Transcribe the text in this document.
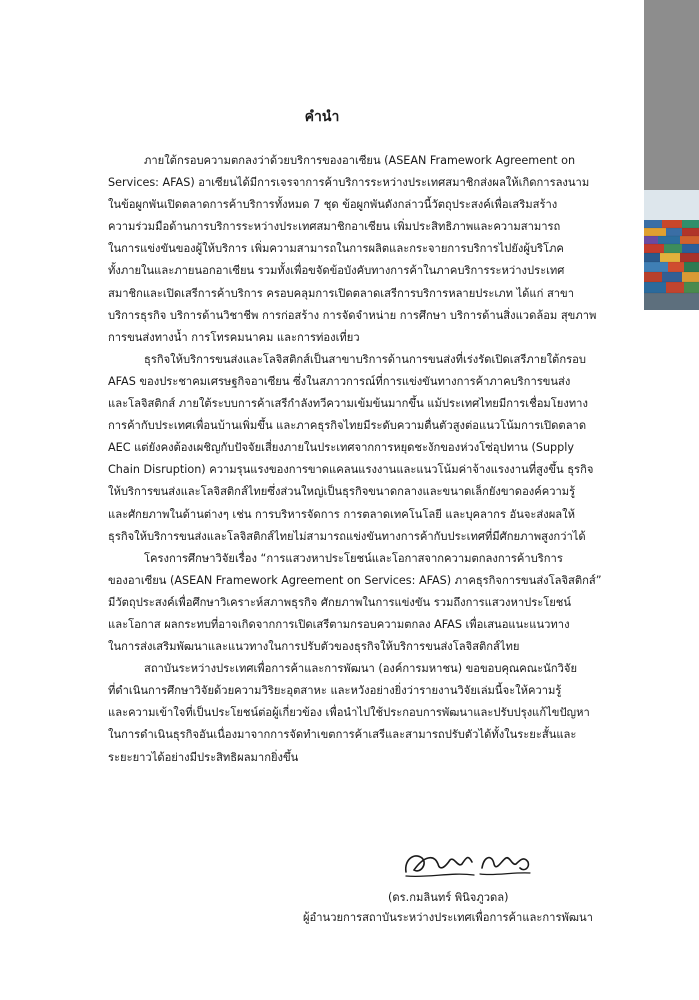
คำนำ
ภายใต้กรอบความตกลงว่าด้วยบริการของอาเซียน (ASEAN Framework Agreement on
Services: AFAS) อาเซียนได้มีการเจรจาการค้าบริการระหว่างประเทศสมาชิกส่งผลให้เกิดการลงนาม
ในข้อผูกพันเปิดตลาดการค้าบริการทั้งหมด 7 ชุด ข้อผูกพันดังกล่าวนี้วัตถุประสงค์เพื่อเสริมสร้าง
ความร่วมมือด้านการบริการระหว่างประเทศสมาชิกอาเซียน เพิ่มประสิทธิภาพและความสามารถ
ในการแข่งขันของผู้ให้บริการ เพิ่มความสามารถในการผลิตและกระจายการบริการไปยังผู้บริโภค
ทั้งภายในและภายนอกอาเซียน รวมทั้งเพื่อขจัดข้อบังคับทางการค้าในภาคบริการระหว่างประเทศ
สมาชิกและเปิดเสรีการค้าบริการ ครอบคลุมการเปิดตลาดเสรีการบริการหลายประเภท ได้แก่ สาขา
บริการธุรกิจ บริการด้านวิชาชีพ การก่อสร้าง การจัดจำหน่าย การศึกษา บริการด้านสิ่งแวดล้อม สุขภาพ
การขนส่งทางน้ำ การโทรคมนาคม และการท่องเที่ยว
ธุรกิจให้บริการขนส่งและโลจิสติกส์เป็นสาขาบริการด้านการขนส่งที่เร่งรัดเปิดเสรีภายใต้กรอบ
AFAS ของประชาคมเศรษฐกิจอาเซียน ซึ่งในสภาวการณ์ที่การแข่งขันทางการค้าภาคบริการขนส่ง
และโลจิสติกส์ ภายใต้ระบบการค้าเสรีกำลังทวีความเข้มข้นมากขึ้น แม้ประเทศไทยมีการเชื่อมโยงทาง
การค้ากับประเทศเพื่อนบ้านเพิ่มขึ้น และภาคธุรกิจไทยมีระดับความตื่นตัวสูงต่อแนวโน้มการเปิดตลาด
AEC แต่ยังคงต้องเผชิญกับปัจจัยเสี่ยงภายในประเทศจากการหยุดชะงักของห่วงโซ่อุปทาน (Supply
Chain Disruption) ความรุนแรงของการขาดแคลนแรงงานและแนวโน้มค่าจ้างแรงงานที่สูงขึ้น ธุรกิจ
ให้บริการขนส่งและโลจิสติกส์ไทยซึ่งส่วนใหญ่เป็นธุรกิจขนาดกลางและขนาดเล็กยังขาดองค์ความรู้
และศักยภาพในด้านต่างๆ เช่น การบริหารจัดการ การตลาดเทคโนโลยี และบุคลากร อันจะส่งผลให้
ธุรกิจให้บริการขนส่งและโลจิสติกส์ไทยไม่สามารถแข่งขันทางการค้ากับประเทศที่มีศักยภาพสูงกว่าได้
โครงการศึกษาวิจัยเรื่อง “การแสวงหาประโยชน์และโอกาสจากความตกลงการค้าบริการ
ของอาเซียน (ASEAN Framework Agreement on Services: AFAS) ภาคธุรกิจการขนส่งโลจิสติกส์”
มีวัตถุประสงค์เพื่อศึกษาวิเคราะห์สภาพธุรกิจ ศักยภาพในการแข่งขัน รวมถึงการแสวงหาประโยชน์
และโอกาส ผลกระทบที่อาจเกิดจากการเปิดเสรีตามกรอบความตกลง AFAS เพื่อเสนอแนะแนวทาง
ในการส่งเสริมพัฒนาและแนวทางในการปรับตัวของธุรกิจให้บริการขนส่งโลจิสติกส์ไทย
สถาบันระหว่างประเทศเพื่อการค้าและการพัฒนา (องค์การมหาชน) ขอขอบคุณคณะนักวิจัย
ที่ดำเนินการศึกษาวิจัยด้วยความวิริยะอุตสาหะ และหวังอย่างยิ่งว่ารายงานวิจัยเล่มนี้จะให้ความรู้
และความเข้าใจที่เป็นประโยชน์ต่อผู้เกี่ยวข้อง เพื่อนำไปใช้ประกอบการพัฒนาและปรับปรุงแก้ไขปัญหา
ในการดำเนินธุรกิจอันเนื่องมาจากการจัดทำเขตการค้าเสรีและสามารถปรับตัวได้ทั้งในระยะสั้นและ
ระยะยาวได้อย่างมีประสิทธิผลมากยิ่งขึ้น
(ดร.กมลินทร์ พินิจภูวดล)
ผู้อำนวยการสถาบันระหว่างประเทศเพื่อการค้าและการพัฒนา
